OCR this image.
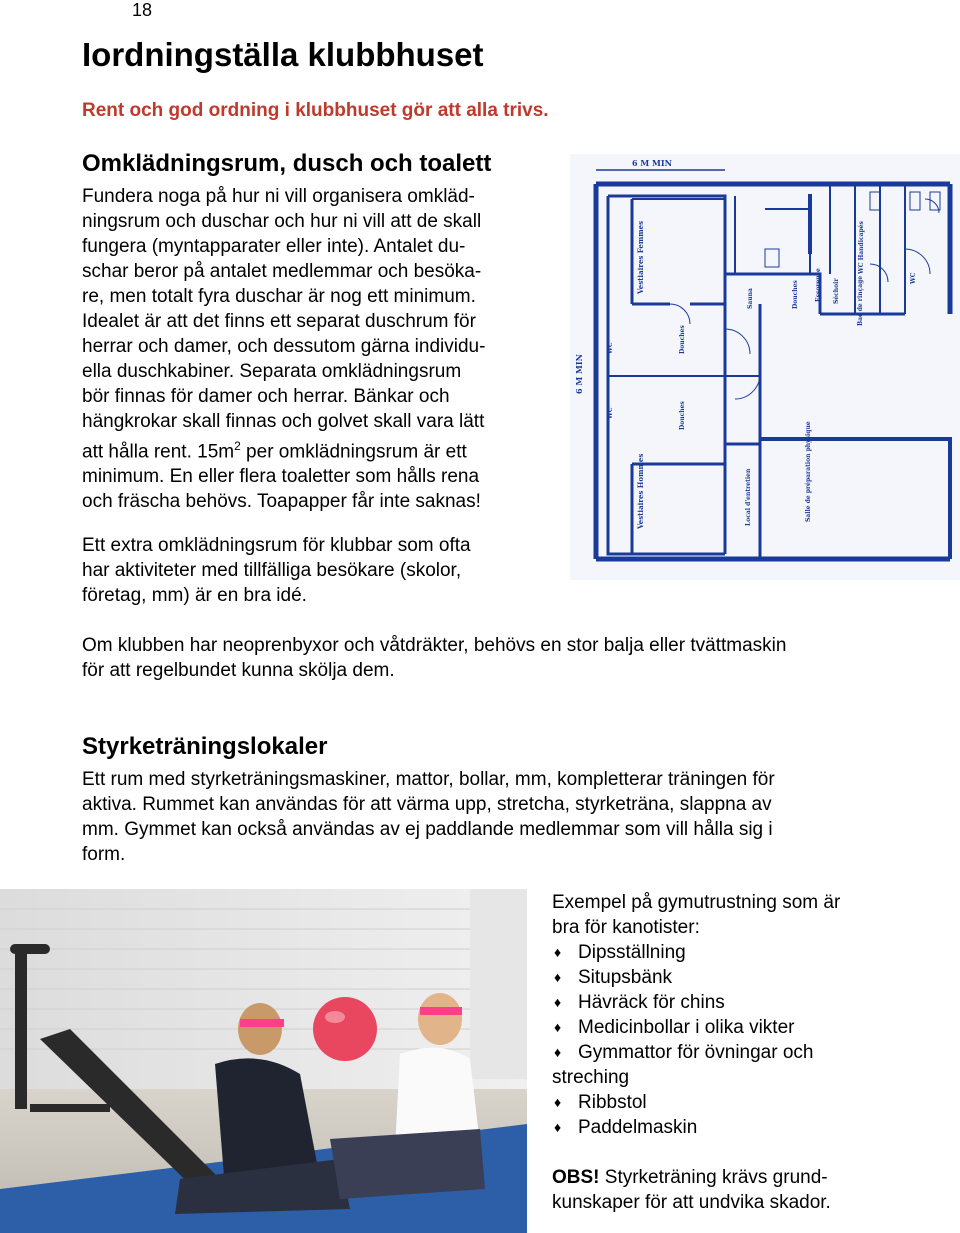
18
Iordningställa klubbhuset
Rent och god ordning i klubbhuset gör att alla trivs.
Omklädningsrum, dusch och toalett
Fundera noga på hur ni vill organisera omkläd-
ningsrum och duschar och hur ni vill att de skall
fungera (myntapparater eller inte). Antalet du-
schar beror på antalet medlemmar och besöka-
re, men totalt fyra duschar är nog ett minimum.
Idealet är att det finns ett separat duschrum för
herrar och damer, och dessutom gärna individu-
ella duschkabiner. Separata omklädningsrum
bör finnas för damer och herrar. Bänkar och
hängkrokar skall finnas och golvet skall vara lätt
att hålla rent. $15m^2$ per omklädningsrum är ett
minimum. En eller flera toaletter som hålls rena
och fräscha behövs. Toapapper får inte saknas!
Ett extra omklädningsrum för klubbar som ofta
har aktiviteter med tillfälliga besökare (skolor,
företag, mm) är en bra idé.
Om klubben har neoprenbyxor och våtdräkter, behövs en stor balja eller tvättmaskin
för att regelbundet kunna skölja dem.
6 M MIN
6 M MIN
Vestiaires Femmes
Vestiaires Hommes
Douches
Douches
WC
WC
Sauna	Douches	Essoreuse Séchoir	Bac de rinçage
WC Handicapés
WC
Local d'entretien	Salle de préparation physique
Styrketräningslokaler
Ett rum med styrketräningsmaskiner, mattor, bollar, mm, kompletterar träningen för
aktiva. Rummet kan användas för att värma upp, stretcha, styrketräna, slappna av
mm. Gymmet kan också användas av ej paddlande medlemmar som vill hålla sig i
form.
Exempel på gymutrustning som är
bra för kanotister:
♦ Dipsställning
♦ Situpsbänk
♦ Hävräck för chins
♦ Medicinbollar i olika vikter
♦ Gymmattor för övningar och
streching
♦ Ribbstol
♦ Paddelmaskin
OBS! Styrketräning krävs grund-
kunskaper för att undvika skador.
